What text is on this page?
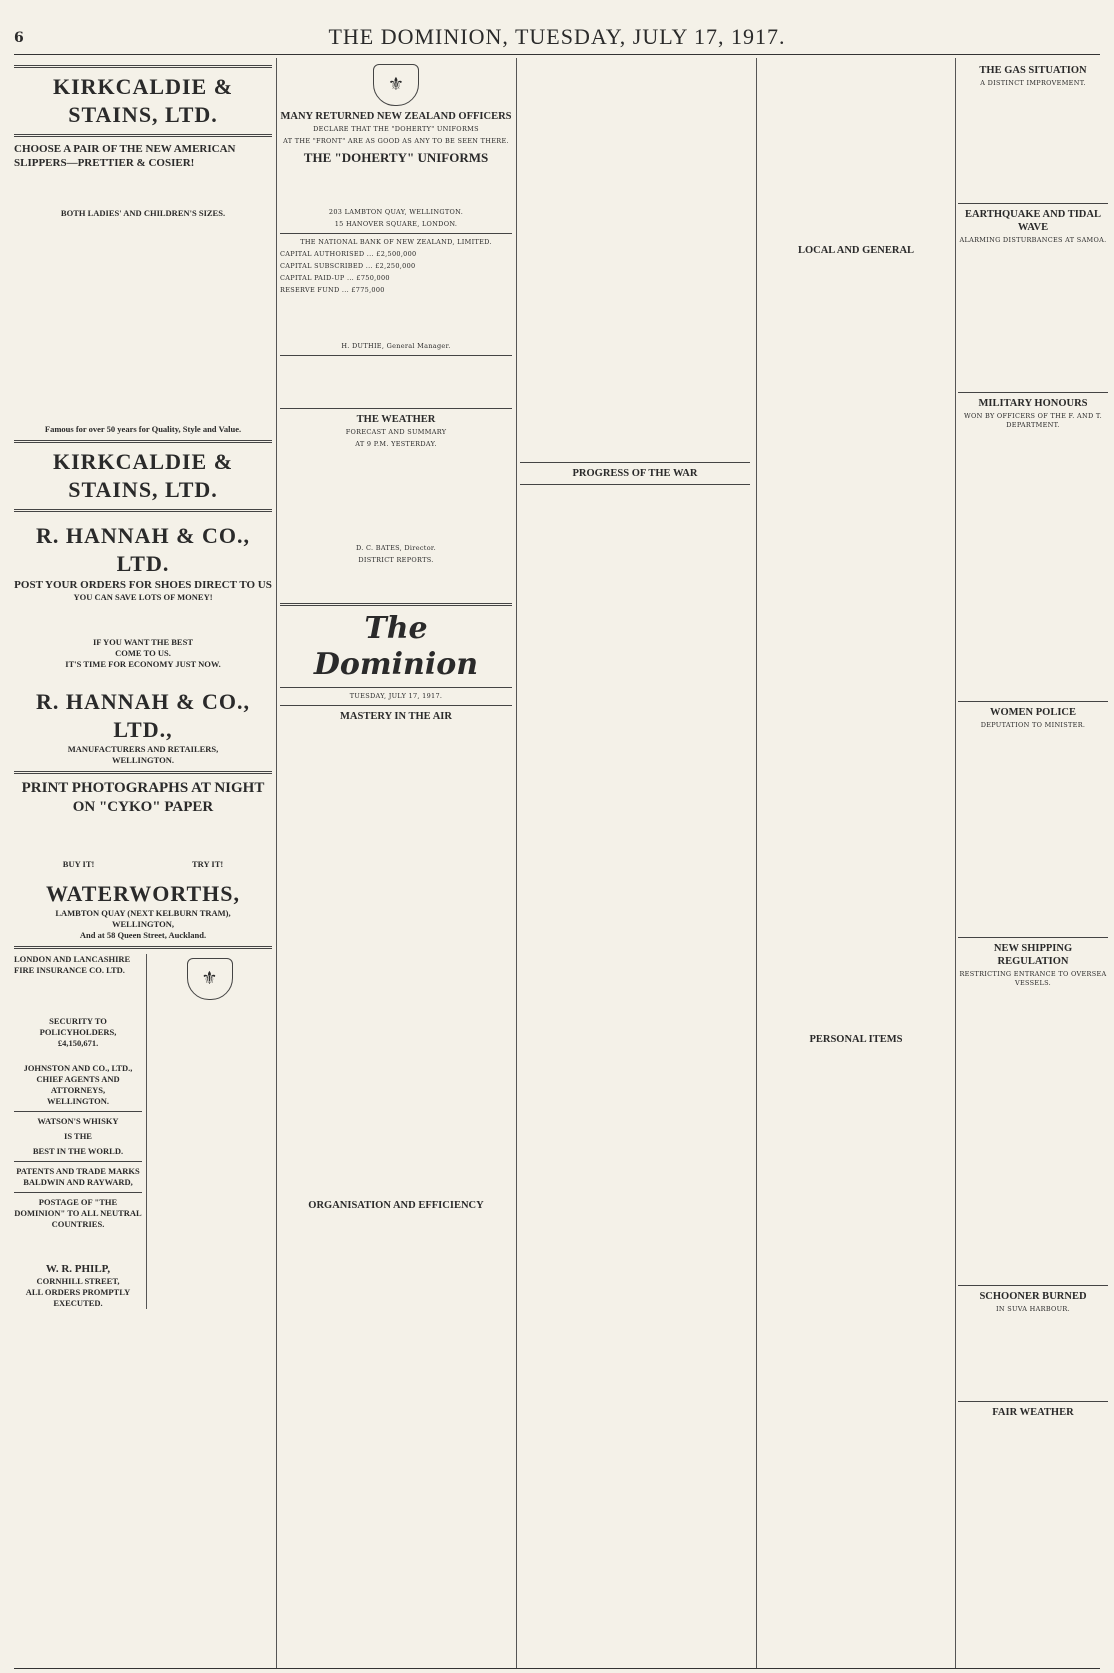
6	THE DOMINION, TUESDAY, JULY 17, 1917.
KIRKCALDIE & STAINS, LTD.
CHOOSE A PAIR OF THE NEW AMERICAN SLIPPERS—PRETTIER & COSIER!
BOTH LADIES' AND CHILDREN'S SIZES.
Famous for over 50 years for Quality, Style and Value.
KIRKCALDIE & STAINS, LTD.
R. HANNAH & CO., LTD.
POST YOUR ORDERS FOR SHOES DIRECT TO US
YOU CAN SAVE LOTS OF MONEY!
IF YOU WANT THE BEST
COME TO US.
IT'S TIME FOR ECONOMY JUST NOW.
R. HANNAH & CO., LTD.,
MANUFACTURERS AND RETAILERS,
WELLINGTON.
PRINT PHOTOGRAPHS AT NIGHT ON "CYKO" PAPER
BUY IT!	TRY IT!
WATERWORTHS,
LAMBTON QUAY (NEXT KELBURN TRAM),
WELLINGTON,
And at 58 Queen Street, Auckland.
LONDON AND LANCASHIRE FIRE INSURANCE CO. LTD.
SECURITY TO POLICYHOLDERS,
£4,150,671.
JOHNSTON AND CO., LTD.,
CHIEF AGENTS AND ATTORNEYS,
WELLINGTON.
WATSON'S WHISKY
IS THE
BEST IN THE WORLD.
PATENTS AND TRADE MARKS
BALDWIN AND RAYWARD,
POSTAGE OF "THE DOMINION" TO ALL NEUTRAL COUNTRIES.
W. R. PHILP,
CORNHILL STREET,
ALL ORDERS PROMPTLY EXECUTED.
⚜
⚜
MANY RETURNED NEW ZEALAND OFFICERS
DECLARE THAT THE "DOHERTY" UNIFORMS
AT THE "FRONT" ARE AS GOOD AS ANY TO BE SEEN THERE.
THE "DOHERTY" UNIFORMS
203 LAMBTON QUAY, WELLINGTON.
15 HANOVER SQUARE, LONDON.
THE NATIONAL BANK OF NEW ZEALAND, LIMITED.
CAPITAL AUTHORISED ... £2,500,000
CAPITAL SUBSCRIBED ... £2,250,000
CAPITAL PAID-UP ... £750,000
RESERVE FUND ... £775,000
H. DUTHIE, General Manager.
THE WEATHER
FORECAST AND SUMMARY
AT 9 P.M. YESTERDAY.
D. C. BATES, Director.
DISTRICT REPORTS.
The Dominion
TUESDAY, JULY 17, 1917.
MASTERY IN THE AIR
ORGANISATION AND EFFICIENCY
PROGRESS OF THE WAR
LOCAL AND GENERAL
PERSONAL ITEMS
THE GAS SITUATION
A DISTINCT IMPROVEMENT.
EARTHQUAKE AND TIDAL WAVE
ALARMING DISTURBANCES AT SAMOA.
MILITARY HONOURS
WON BY OFFICERS OF THE F. AND T. DEPARTMENT.
WOMEN POLICE
DEPUTATION TO MINISTER.
NEW SHIPPING REGULATION
RESTRICTING ENTRANCE TO OVERSEA VESSELS.
SCHOONER BURNED
IN SUVA HARBOUR.
FAIR WEATHER
